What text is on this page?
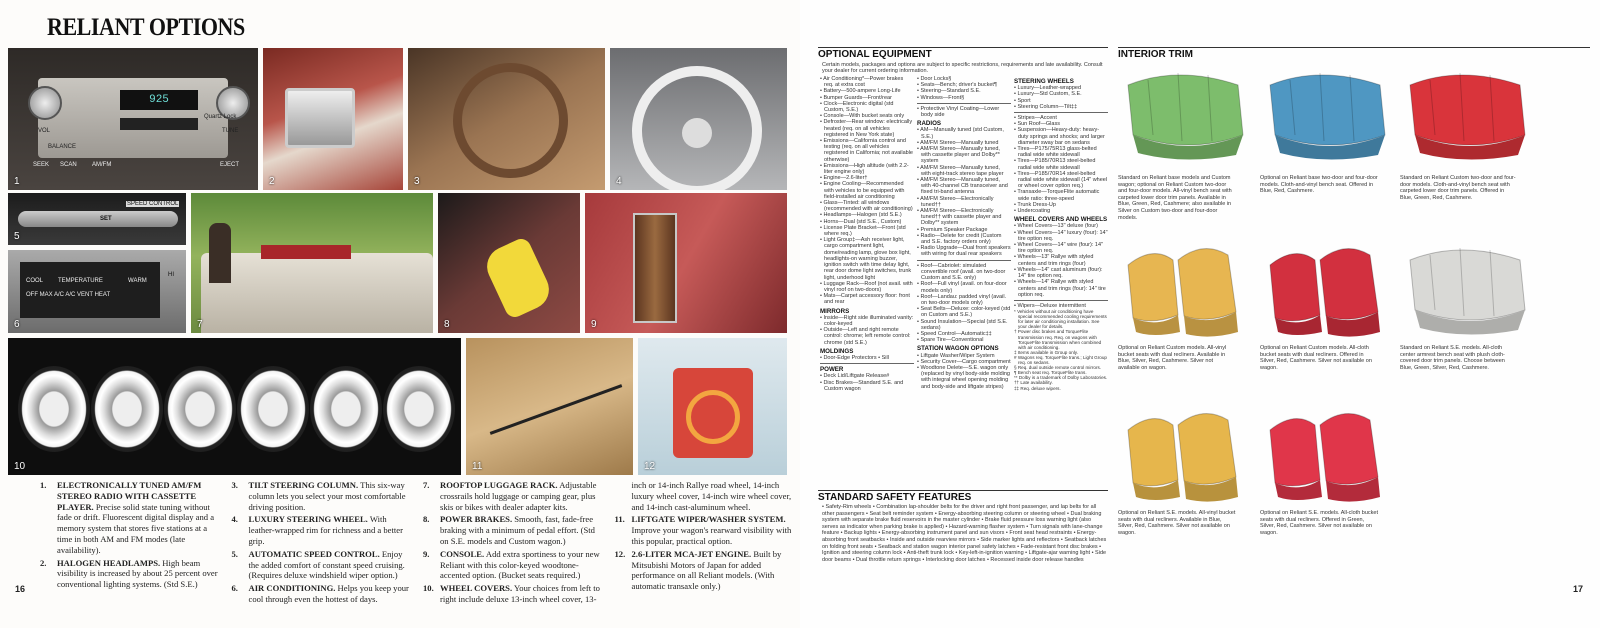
RELIANT OPTIONS
925
VOL	TUNE
BALANCE
SEEK SCAN	AM/FM	EJECT
Quartz Lock
1	2	3	4
SET
SPEED CONTROL
5
COOL TEMPERATURE	WARM
HI
OFF MAX A/C A/C VENT HEAT
6	7	8	9
10	11	12
1. ELECTRONICALLY TUNED AM/FM STEREO RADIO WITH CASSETTE PLAYER. Precise solid state tuning without fade or drift. Fluorescent digital display and a memory system that stores five stations at a time in both AM and FM modes (late availability).
2. HALOGEN HEADLAMPS. High beam visibility is increased by about 25 percent over conventional lighting systems. (Std S.E.)
3. TILT STEERING COLUMN. This six-way column lets you select your most comfortable driving position.
4. LUXURY STEERING WHEEL. With leather-wrapped rim for richness and a better grip.
5. AUTOMATIC SPEED CONTROL. Enjoy the added comfort of constant speed cruising. (Requires deluxe windshield wiper option.)
6. AIR CONDITIONING. Helps you keep your cool through even the hottest of days.
7. ROOFTOP LUGGAGE RACK. Adjustable crossrails hold luggage or camping gear, plus skis or bikes with dealer adapter kits.
8. POWER BRAKES. Smooth, fast, fade-free braking with a minimum of pedal effort. (Std on S.E. models and Custom wagon.)
9. CONSOLE. Add extra sportiness to your new Reliant with this color-keyed woodtone-accented option. (Bucket seats required.)
10. WHEEL COVERS. Your choices from left to right include deluxe 13-inch wheel cover, 13-inch or 14-inch Rallye road wheel, 14-inch luxury wheel cover, 14-inch wire wheel cover, and 14-inch cast-aluminum wheel.
11. LIFTGATE WIPER/WASHER SYSTEM. Improve your wagon's rearward visibility with this popular, practical option.
12. 2.6-LITER MCA-JET ENGINE. Built by Mitsubishi Motors of Japan for added performance on all Reliant models. (With automatic transaxle only.)
16
OPTIONAL EQUIPMENT
Certain models, packages and options are subject to specific restrictions, requirements and late availability. Consult your dealer for current ordering information.
• Air Conditioning*—Power brakes req. at extra cost
• Battery—500-ampere Long-Life
• Bumper Guards—Front/rear
• Clock—Electronic digital (std Custom, S.E.)
• Console—With bucket seats only
• Defroster—Rear window: electrically heated (req. on all vehicles registered in New York state)
• Emissions—California control and testing (req. on all vehicles registered in California; not available otherwise)
• Emissions—High altitude (with 2.2-liter engine only)
• Engine—2.6-liter†
• Engine Cooling—Recommended with vehicles to be equipped with field-installed air conditioning
• Glass—Tinted: all windows (recommended with air conditioning)
• Headlamps—Halogen (std S.E.)
• Horns—Dual (std S.E., Custom)
• License Plate Bracket—Front (std where req.)
• Light Group‡—Ash receiver light, cargo compartment light, dome/reading lamp, glove box light, headlights-on warning buzzer, ignition switch with time delay light, rear door dome light switches, trunk light, underhood light
• Luggage Rack—Roof (not avail. with vinyl roof on two-doors)
• Mats—Carpet accessory floor: front and rear
MIRRORS
• Inside—Right side illuminated vanity: color-keyed
• Outside—Left and right remote control: chrome; left remote control: chrome (std S.E.)
MOLDINGS
• Door-Edge Protectors • Sill
POWER
• Deck Lid/Liftgate Release#
• Disc Brakes—Standard S.E. and Custom wagon
• Door Locks§
• Seats—Bench; driver's bucket¶
• Steering—Standard S.E.
• Windows—Front§
• Protective Vinyl Coating—Lower body side
RADIOS
• AM—Manually tuned (std Custom, S.E.)
• AM/FM Stereo—Manually tuned
• AM/FM Stereo—Manually tuned, with cassette player and Dolby** system
• AM/FM Stereo—Manually tuned, with eight-track stereo tape player
• AM/FM Stereo—Manually tuned, with 40-channel CB transceiver and fixed tri-band antenna
• AM/FM Stereo—Electronically tuned††
• AM/FM Stereo—Electronically tuned†† with cassette player and Dolby** system
• Premium Speaker Package
• Radio—Delete for credit (Custom and S.E. factory orders only)
• Radio Upgrade—Dual front speakers with wiring for dual rear speakers
• Roof—Cabriolet: simulated convertible roof (avail. on two-door Custom and S.E. only)
• Roof—Full vinyl (avail. on four-door models only)
• Roof—Landau: padded vinyl (avail. on two-door models only)
• Seat Belts—Deluxe: color-keyed (std on Custom and S.E.)
• Sound Insulation—Special (std S.E. sedans)
• Speed Control—Automatic‡‡
• Spare Tire—Conventional
STATION WAGON OPTIONS
• Liftgate Washer/Wiper System
• Security Cover—Cargo compartment
• Woodtone Delete—S.E. wagon only (replaced by vinyl body-side molding with integral wheel opening molding and body-side and liftgate stripes)
STEERING WHEELS
• Luxury—Leather-wrapped
• Luxury—Std Custom, S.E.
• Sport
• Steering Column—Tilt‡‡
• Stripes—Accent
• Sun Roof—Glass
• Suspension—Heavy-duty: heavy-duty springs and shocks; and larger diameter sway bar on sedans
• Tires—P175/75R13 glass-belted radial wide white sidewall
• Tires—P185/70R13 steel-belted radial wide white sidewall
• Tires—P185/70R14 steel-belted radial wide white sidewall (14" wheel or wheel cover option req.)
• Transaxle—TorqueFlite automatic wide ratio: three-speed
• Trunk Dress-Up
• Undercoating
WHEEL COVERS AND WHEELS
• Wheel Covers—13" deluxe (four)
• Wheel Covers—14" luxury (four): 14" tire option req.
• Wheel Covers—14" wire (four): 14" tire option req.
• Wheels—13" Rallye with styled centers and trim rings (four)
• Wheels—14" cast aluminum (four): 14" tire option req.
• Wheels—14" Rallye with styled centers and trim rings (four): 14" tire option req.
• Wipers—Deluxe intermittent
* Vehicles without air conditioning have special recommended cooling requirements for later air conditioning installation. See your dealer for details.
† Power disc brakes and TorqueFlite transmission req. Req. on wagons with TorqueFlite transmission when combined with air conditioning.
‡ Items available in Group only.
# Wagons req. TorqueFlite trans.; Light Group req. on sedans.
§ Req. dual outside remote control mirrors.
¶ Bench seat req. TorqueFlite trans.
** Dolby is a trademark of Dolby Laboratories.
†† Late availability.
‡‡ Req. deluxe wipers.
STANDARD SAFETY FEATURES
• Safety-Rim wheels • Combination lap-shoulder belts for the driver and right front passenger, and lap belts for all other passengers • Seat belt reminder system • Energy-absorbing steering column or steering wheel • Dual braking system with separate brake fluid reservoirs in the master cylinder • Brake fluid pressure loss warning light (also serves as indicator when parking brake is applied) • Hazard-warning flasher system • Turn signals with lane-change feature • Backup lights • Energy-absorbing instrument panel and sun visors • Front seat head restraints • Energy-absorbing front seatbacks • Inside and outside rearview mirrors • Side marker lights and reflectors • Seatback latches on folding front seats • Seatback and station wagon interior panel safety latches • Fade-resistant front disc brakes • Ignition and steering column lock • Anti-theft trunk lock • Key-left-in-ignition warning • Liftgate-ajar warning light • Side door beams • Dual throttle return springs • Interlocking door latches • Recessed inside door release handles
INTERIOR TRIM
Standard on Reliant base models and Custom wagon; optional on Reliant Custom two-door and four-door models. All-vinyl bench seat with carpeted lower door trim panels. Available in Blue, Green, Red, Cashmere; also available in Silver on Custom two-door and four-door models.
Optional on Reliant base two-door and four-door models. Cloth-and-vinyl bench seat. Offered in Blue, Red, Cashmere.
Standard on Reliant Custom two-door and four-door models. Cloth-and-vinyl bench seat with carpeted lower door trim panels. Offered in Blue, Green, Red, Cashmere.
Optional on Reliant Custom models. All-vinyl bucket seats with dual recliners. Available in Blue, Silver, Red, Cashmere. Silver not available on wagon.
Optional on Reliant Custom models. All-cloth bucket seats with dual recliners. Offered in Silver, Red, Cashmere. Silver not available on wagon.
Standard on Reliant S.E. models. All-cloth center armrest bench seat with plush cloth-covered door trim panels. Choose between Blue, Green, Silver, Red, Cashmere.
Optional on Reliant S.E. models. All-vinyl bucket seats with dual recliners. Available in Blue, Silver, Red, Cashmere. Silver not available on wagon.
Optional on Reliant S.E. models. All-cloth bucket seats with dual recliners. Offered in Green, Silver, Red, Cashmere. Silver not available on wagon.
17
